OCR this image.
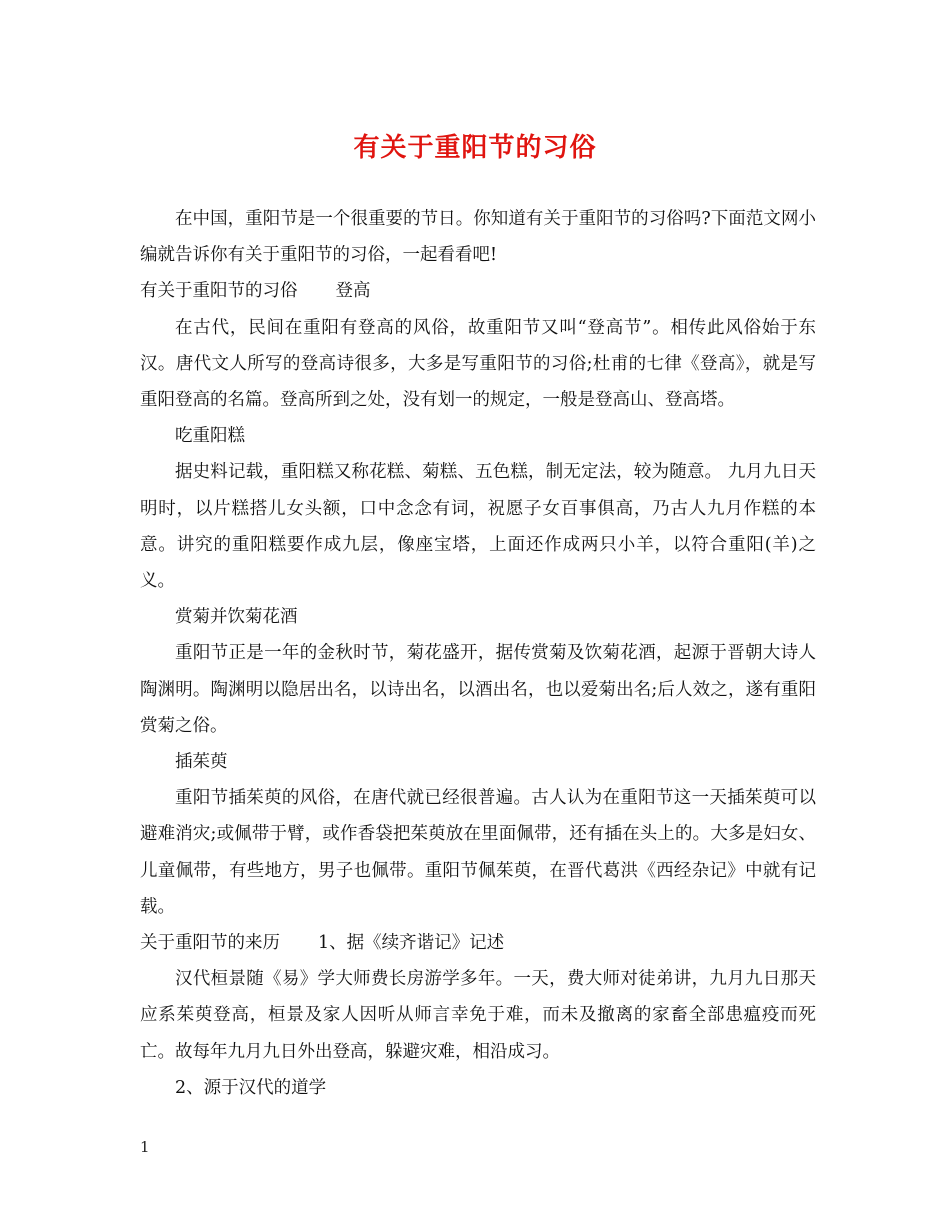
有关于重阳节的习俗

在中国，重阳节是一个很重要的节日。你知道有关于重阳节的习俗吗?下面范文网小编就告诉你有关于重阳节的习俗，一起看看吧!

有关于重阳节的习俗 登高

在古代，民间在重阳有登高的风俗，故重阳节又叫“登高节”。相传此风俗始于东汉。唐代文人所写的登高诗很多，大多是写重阳节的习俗;杜甫的七律《登高》，就是写重阳登高的名篇。登高所到之处，没有划一的规定，一般是登高山、登高塔。

吃重阳糕

据史料记载，重阳糕又称花糕、菊糕、五色糕，制无定法，较为随意。 九月九日天明时，以片糕搭儿女头额，口中念念有词，祝愿子女百事俱高，乃古人九月作糕的本意。讲究的重阳糕要作成九层，像座宝塔，上面还作成两只小羊，以符合重阳(羊)之义。

赏菊并饮菊花酒

重阳节正是一年的金秋时节，菊花盛开，据传赏菊及饮菊花酒，起源于晋朝大诗人陶渊明。陶渊明以隐居出名，以诗出名，以酒出名，也以爱菊出名;后人效之，遂有重阳赏菊之俗。

插茱萸

重阳节插茱萸的风俗，在唐代就已经很普遍。古人认为在重阳节这一天插茱萸可以避难消灾;或佩带于臂，或作香袋把茱萸放在里面佩带，还有插在头上的。大多是妇女、儿童佩带，有些地方，男子也佩带。重阳节佩茱萸，在晋代葛洪《西经杂记》中就有记载。

关于重阳节的来历 1、据《续齐谐记》记述

汉代桓景随《易》学大师费长房游学多年。一天，费大师对徒弟讲，九月九日那天应系茱萸登高，桓景及家人因听从师言幸免于难，而未及撤离的家畜全部患瘟疫而死亡。故每年九月九日外出登高，躲避灾难，相沿成习。

2、源于汉代的道学

1
